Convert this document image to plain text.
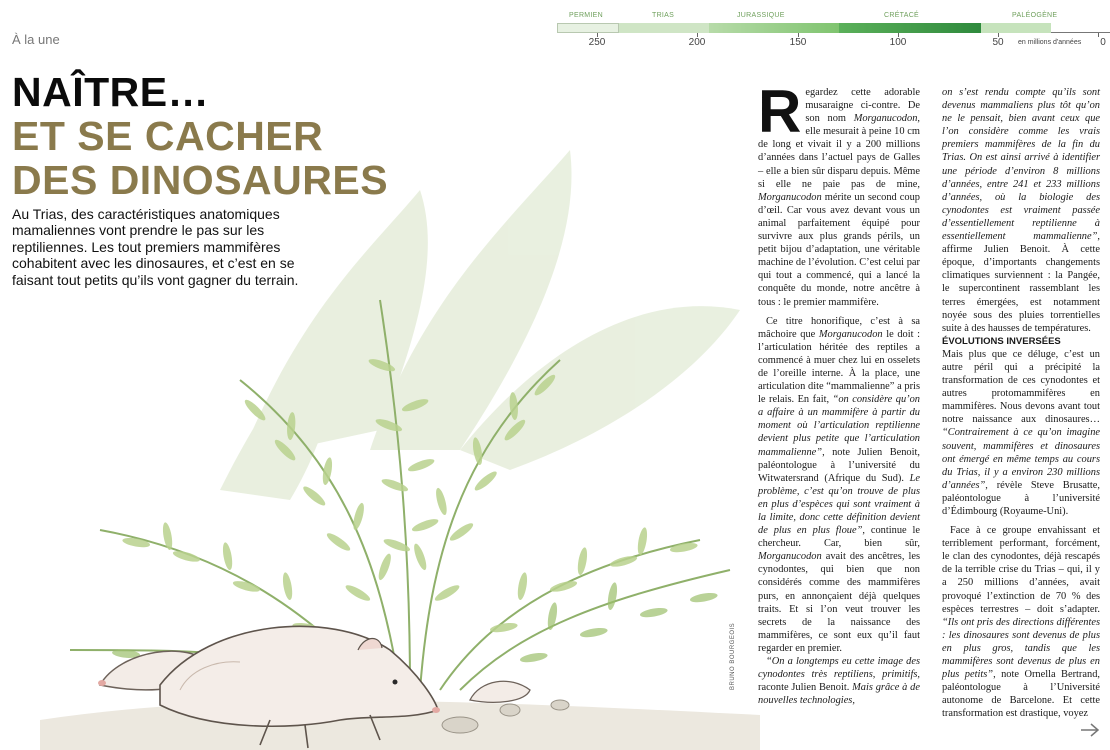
À la une
PERMIEN	TRIAS	JURASSIQUE	CRÉTACÉ	PALÉOGÈNE
250	200	150	100	50 en millions d'années 0
NAÎTRE…
ET SE CACHER
DES DINOSAURES
Au Trias, des caractéristiques anatomiques mamaliennes vont prendre le pas sur les reptiliennes. Les tout premiers mammifères cohabitent avec les dinosaures, et c’est en se faisant tout petits qu’ils vont gagner du terrain.

Regardez cette adorable musaraigne ci-contre. De son nom Morganucodon, elle mesurait à peine 10 cm de long et vivait il y a 200 millions d’années dans l’actuel pays de Galles – elle a bien sûr disparu depuis. Même si elle ne paie pas de mine, Morganucodon mérite un second coup d’œil. Car vous avez devant vous un animal parfaitement équipé pour survivre aux plus grands périls, un petit bijou d’adaptation, une véritable machine de l’évolution. C’est celui par qui tout a commencé, qui a lancé la conquête du monde, notre ancêtre à tous : le premier mammifère.

Ce titre honorifique, c’est à sa mâchoire que Morganucodon le doit : l’articulation héritée des reptiles a commencé à muer chez lui en osselets de l’oreille interne. À la place, une articulation dite “mammalienne” a pris le relais. En fait, “on considère qu’on a affaire à un mammifère à partir du moment où l’articulation reptilienne devient plus petite que l’articulation mammalienne”, note Julien Benoit, paléontologue à l’université du Witwatersrand (Afrique du Sud). Le problème, c’est qu’on trouve de plus en plus d’espèces qui sont vraiment à la limite, donc cette définition devient de plus en plus floue”, continue le chercheur. Car, bien sûr, Morganucodon avait des ancêtres, les cynodontes, qui bien que non considérés comme des mammifères purs, en annonçaient déjà quelques traits. Et si l’on veut trouver les secrets de la naissance des mammifères, ce sont eux qu’il faut regarder en premier.

“On a longtemps eu cette image des cynodontes très reptiliens, primitifs, raconte Julien Benoit. Mais grâce à de nouvelles technologies,

on s’est rendu compte qu’ils sont devenus mammaliens plus tôt qu’on ne le pensait, bien avant ceux que l’on considère comme les vrais premiers mammifères de la fin du Trias. On est ainsi arrivé à identifier une période d’environ 8 millions d’années, entre 241 et 233 millions d’années, où la biologie des cynodontes est vraiment passée d’essentiellement reptilienne à essentiellement mammalienne”, affirme Julien Benoit. À cette époque, d’importants changements climatiques surviennent : la Pangée, le supercontinent rassemblant les terres émergées, est notamment noyée sous des pluies torrentielles suite à des hausses de températures.

ÉVOLUTIONS INVERSÉES

Mais plus que ce déluge, c’est un autre péril qui a précipité la transformation de ces cynodontes et autres protomammifères en mammifères. Nous devons avant tout notre naissance aux dinosaures… “Contrairement à ce qu’on imagine souvent, mammifères et dinosaures ont émergé en même temps au cours du Trias, il y a environ 230 millions d’années”, révèle Steve Brusatte, paléontologue à l’université d’Édimbourg (Royaume-Uni).

Face à ce groupe envahissant et terriblement performant, forcément, le clan des cynodontes, déjà rescapés de la terrible crise du Trias – qui, il y a 250 millions d’années, avait provoqué l’extinction de 70 % des espèces terrestres – doit s’adapter. “Ils ont pris des directions différentes : les dinosaures sont devenus de plus en plus gros, tandis que les mammifères sont devenus de plus en plus petits”, note Ornella Bertrand, paléontologue à l’Université autonome de Barcelone. Et cette transformation est drastique, voyez

BRUNO BOURGEOIS
